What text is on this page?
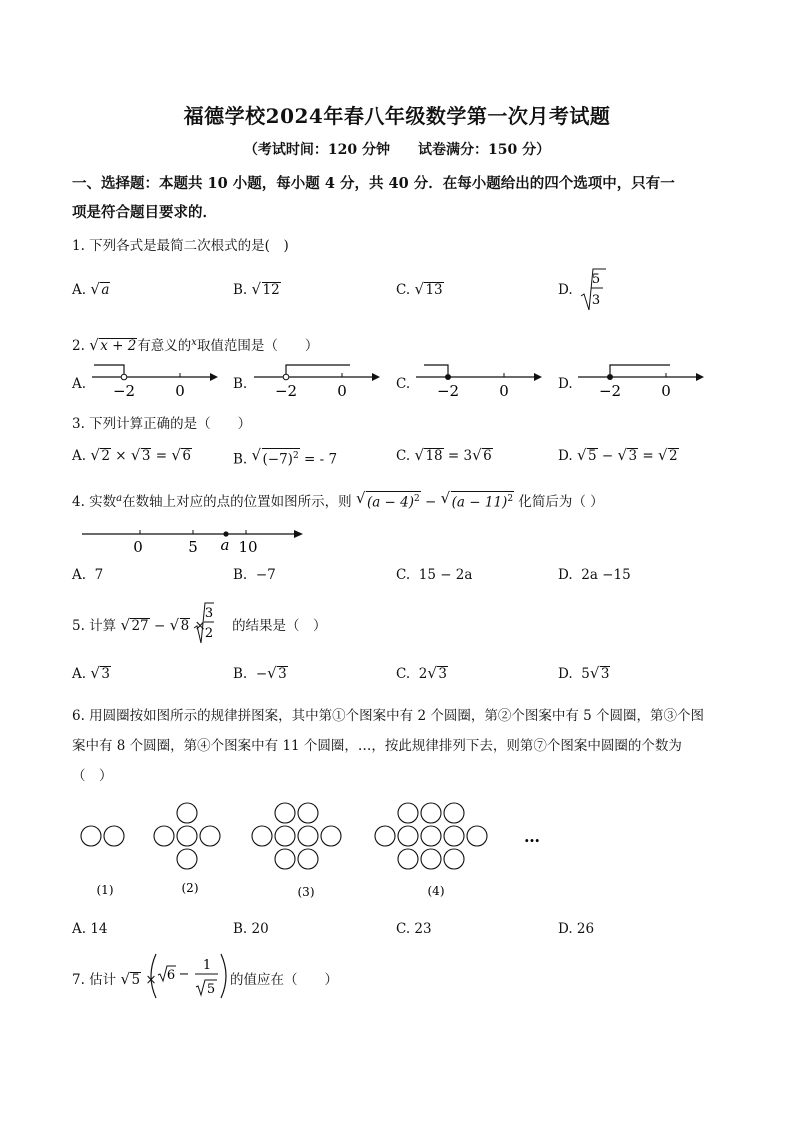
福德学校2024年春八年级数学第一次月考试题
（考试时间：120 分钟　　试卷满分：150 分）
一、选择题：本题共 10 小题，每小题 4 分，共 40 分．在每小题给出的四个选项中，只有一
项是符合题目要求的．
1. 下列各式是最简二次根式的是(　)
A. √ a	B. √ 12	C. √ 13	D.
5
3
2. √ x + 2有意义的$^x$取值范围是（　　）
A. −2	0	B. −2	0	C. −2	0	D. −2	0
3. 下列计算正确的是（　　）
A. √ 2 × √ 3 = √ 6	B. √ $(-7)^2$ = - 7	C. √ 18 = 3 √ 6	D. √ 5 − √ 3 = √ 2
4. 实数$^a$在数轴上对应的点的位置如图所示，则 √ $(a - 4)^2$ − √ $(a - 11)^2$ 化简后为（ ）
0	5 a 10
A. 7	B. −7	C. 15 − 2a	D. 2a −15
5. 计算 √ 27 − √ 8 × 的结果是（　）
3
2
A. √ 3	B. − √ 3	C. 2 √ 3	D. 5 √ 3
6. 用圆圈按如图所示的规律拼图案，其中第①个图案中有 2 个圆圈，第②个图案中有 5 个圆圈，第③个图
案中有 8 个圆圈，第④个图案中有 11 个圆圈，…，按此规律排列下去，则第⑦个图案中圆圈的个数为
（　）
…
(1)	(2)	(3)	(4)
A. 14	B. 20	C. 23	D. 26
7. 估计 √ 5 × 6 −
1
5
的值应在（　　）
